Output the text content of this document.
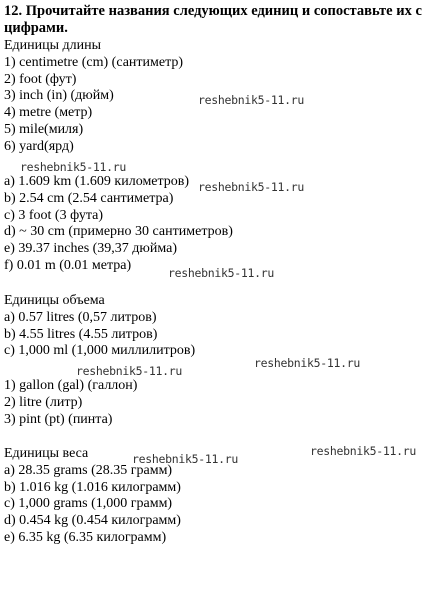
12. Прочитайте названия следующих единиц и сопоставьте их с цифрами.
Единицы длины
1) centimetre (cm) (сантиметр)
2) foot (фут)
3) inch (in) (дюйм)
4) metre (метр)
5) mile(миля)
6) yard(ярд)
a) 1.609 km (1.609 километров)
b) 2.54 cm (2.54 сантиметра)
c) 3 foot (3 фута)
d) ~ 30 cm (примерно 30 сантиметров)
e) 39.37 inches (39,37 дюйма)
f) 0.01 m (0.01 метра)
Единицы объема
a) 0.57 litres (0,57 литров)
b) 4.55 litres (4.55 литров)
c) 1,000 ml (1,000 миллилитров)
1) gallon (gal) (галлон)
2) litre (литр)
3) pint (pt) (пинта)
Единицы веса
a) 28.35 grams (28.35 грамм)
b) 1.016 kg (1.016 килограмм)
c) 1,000 grams (1,000 грамм)
d) 0.454 kg (0.454 килограмм)
e) 6.35 kg (6.35 килограмм)
reshebnik5-11.ru
reshebnik5-11.ru
reshebnik5-11.ru
reshebnik5-11.ru
reshebnik5-11.ru
reshebnik5-11.ru
reshebnik5-11.ru
reshebnik5-11.ru
